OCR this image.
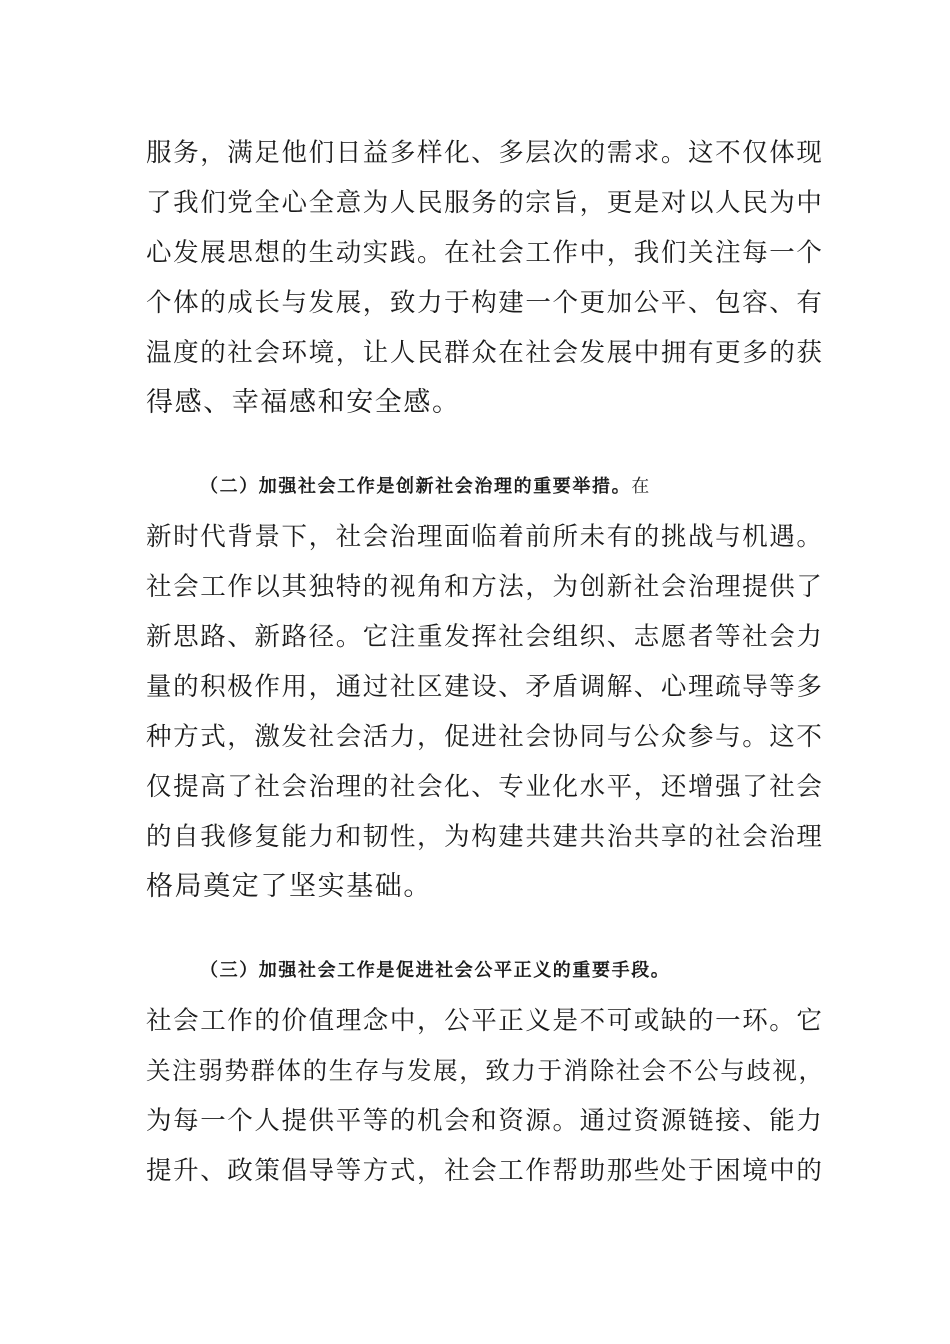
服务，满足他们日益多样化、多层次的需求。这不仅体现
了我们党全心全意为人民服务的宗旨，更是对以人民为中
心发展思想的生动实践。在社会工作中，我们关注每一个
个体的成长与发展，致力于构建一个更加公平、包容、有
温度的社会环境，让人民群众在社会发展中拥有更多的获
得感、幸福感和安全感。
（二）加强社会工作是创新社会治理的重要举措。在
新时代背景下，社会治理面临着前所未有的挑战与机遇。
社会工作以其独特的视角和方法，为创新社会治理提供了
新思路、新路径。它注重发挥社会组织、志愿者等社会力
量的积极作用，通过社区建设、矛盾调解、心理疏导等多
种方式，激发社会活力，促进社会协同与公众参与。这不
仅提高了社会治理的社会化、专业化水平，还增强了社会
的自我修复能力和韧性，为构建共建共治共享的社会治理
格局奠定了坚实基础。
（三）加强社会工作是促进社会公平正义的重要手段。
社会工作的价值理念中，公平正义是不可或缺的一环。它
关注弱势群体的生存与发展，致力于消除社会不公与歧视，
为每一个人提供平等的机会和资源。通过资源链接、能力
提升、政策倡导等方式，社会工作帮助那些处于困境中的
